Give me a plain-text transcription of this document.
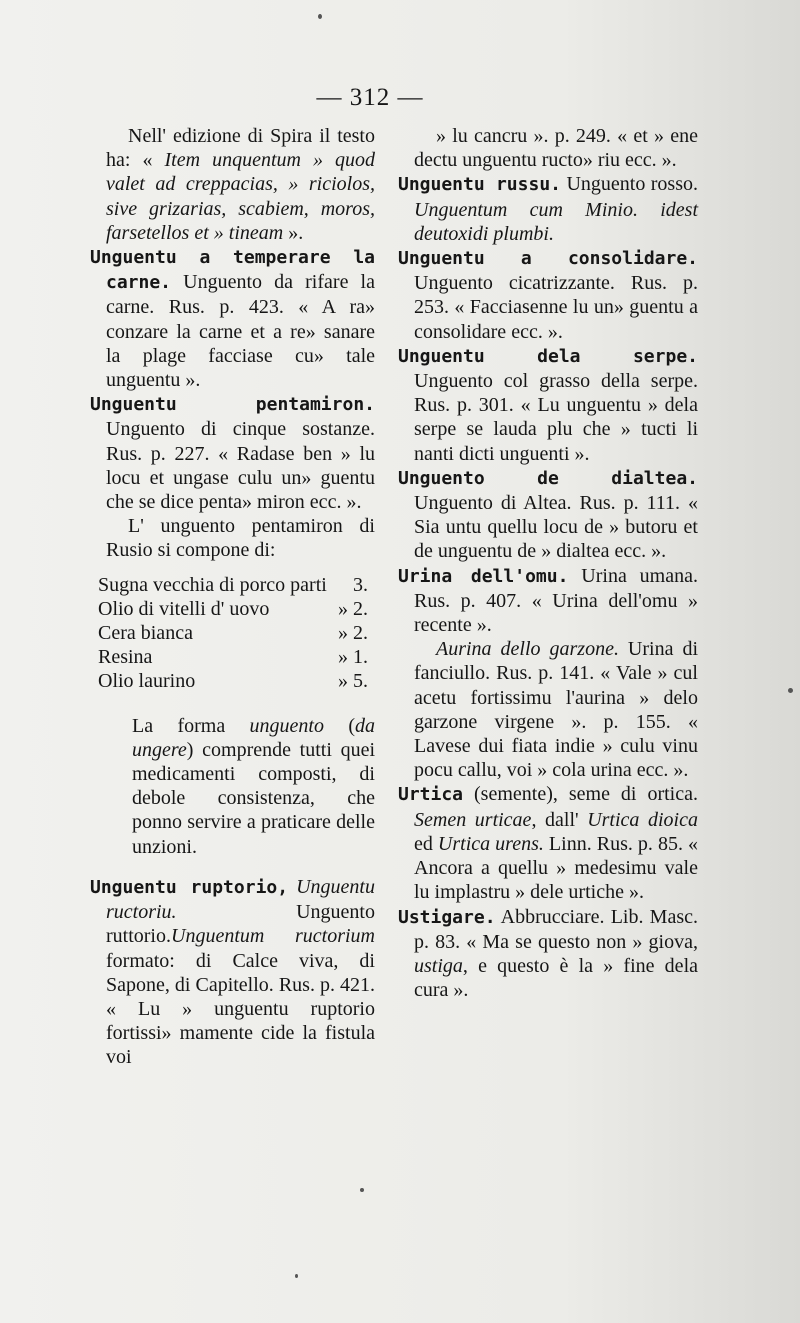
— 312 —

Nell' edizione di Spira il testo ha: « Item unquentum » quod valet ad creppacias, » riciolos, sive grizarias, scabiem, moros, farsetellos et » tineam ».

Unguentu a temperare la carne. Unguento da rifare la carne. Rus. p. 423. « A ra» conzare la carne et a re» sanare la plage facciase cu» tale unguentu ».

Unguentu pentamiron. Unguento di cinque sostanze. Rus. p. 227. « Radase ben » lu locu et ungase culu un» guentu che se dice penta» miron ecc. ».

L' unguento pentamiron di Rusio si compone di:

Sugna vecchia di porco parti	3.
Olio di vitelli d' uovo	» 2.
Cera bianca	» 2.
Resina	» 1.
Olio laurino	» 5.

La forma unguento (da ungere) comprende tutti quei medicamenti composti, di debole consistenza, che ponno servire a praticare delle unzioni.

Unguentu ruptorio, Unguentu ructoriu. Unguento ruttorio.Unguentum ructorium formato: di Calce viva, di Sapone, di Capitello. Rus. p. 421. « Lu » unguentu ruptorio fortissi» mamente cide la fistula voi

» lu cancru ». p. 249. « et » ene dectu unguentu ructo» riu ecc. ».

Unguentu russu. Unguento rosso. Unguentum cum Minio. idest deutoxidi plumbi.

Unguentu a consolidare. Unguento cicatrizzante. Rus. p. 253. « Facciasenne lu un» guentu a consolidare ecc. ».

Unguentu dela serpe. Unguento col grasso della serpe. Rus. p. 301. « Lu unguentu » dela serpe se lauda plu che » tucti li nanti dicti unguenti ».

Unguento de dialtea. Unguento di Altea. Rus. p. 111. « Sia untu quellu locu de » butoru et de unguentu de » dialtea ecc. ».

Urina dell'omu. Urina umana. Rus. p. 407. « Urina dell'omu » recente ».

Aurina dello garzone. Urina di fanciullo. Rus. p. 141. « Vale » cul acetu fortissimu l'aurina » delo garzone virgene ». p. 155. « Lavese dui fiata indie » culu vinu pocu callu, voi » cola urina ecc. ».

Urtica (semente), seme di ortica. Semen urticae, dall' Urtica dioica ed Urtica urens. Linn. Rus. p. 85. « Ancora a quellu » medesimu vale lu implastru » dele urtiche ».

Ustigare. Abbrucciare. Lib. Masc. p. 83. « Ma se questo non » giova, ustiga, e questo è la » fine dela cura ».
